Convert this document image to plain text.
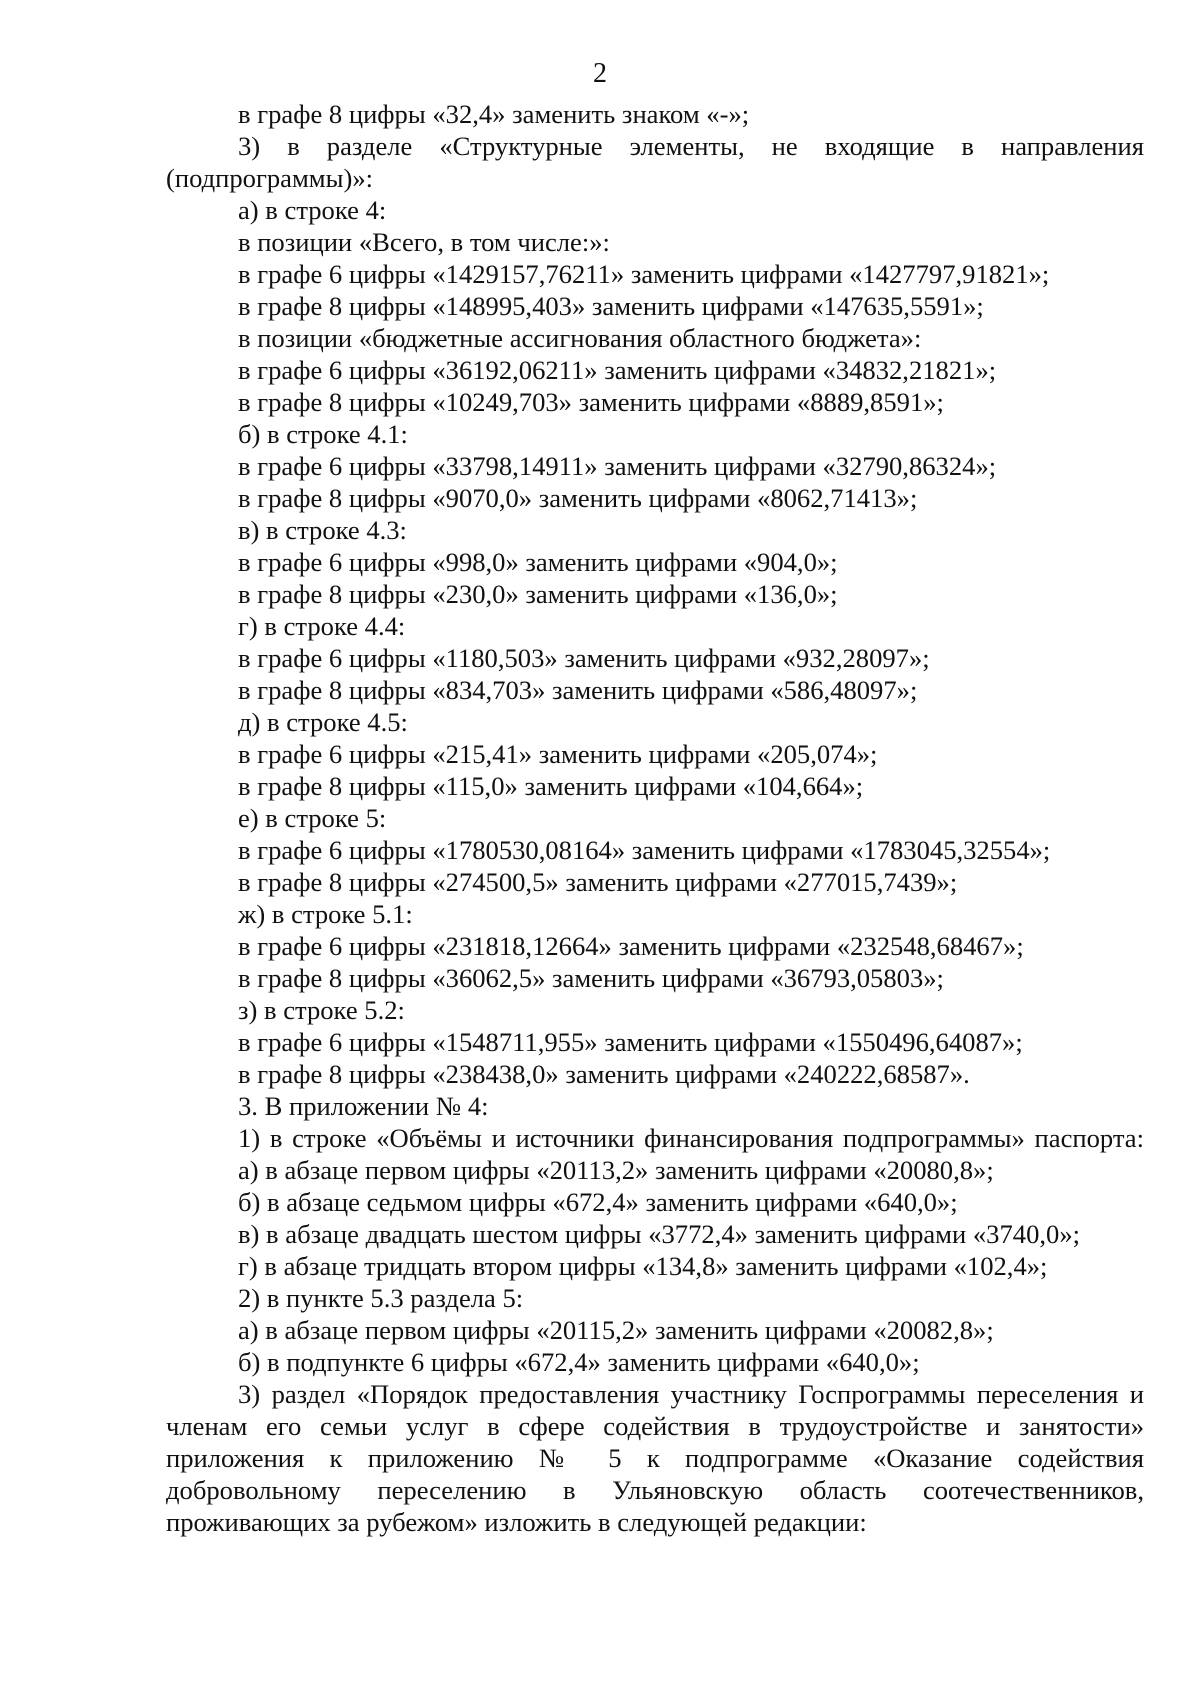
2

в графе 8 цифры «32,4» заменить знаком «-»;

3) в разделе «Структурные элементы, не входящие в направления (подпрограммы)»:

а) в строке 4:

в позиции «Всего, в том числе:»:

в графе 6 цифры «1429157,76211» заменить цифрами «1427797,91821»;

в графе 8 цифры «148995,403» заменить цифрами «147635,5591»;

в позиции «бюджетные ассигнования областного бюджета»:

в графе 6 цифры «36192,06211» заменить цифрами «34832,21821»;

в графе 8 цифры «10249,703» заменить цифрами «8889,8591»;

б) в строке 4.1:

в графе 6 цифры «33798,14911» заменить цифрами «32790,86324»;

в графе 8 цифры «9070,0» заменить цифрами «8062,71413»;

в) в строке 4.3:

в графе 6 цифры «998,0» заменить цифрами «904,0»;

в графе 8 цифры «230,0» заменить цифрами «136,0»;

г) в строке 4.4:

в графе 6 цифры «1180,503» заменить цифрами «932,28097»;

в графе 8 цифры «834,703» заменить цифрами «586,48097»;

д) в строке 4.5:

в графе 6 цифры «215,41» заменить цифрами «205,074»;

в графе 8 цифры «115,0» заменить цифрами «104,664»;

е) в строке 5:

в графе 6 цифры «1780530,08164» заменить цифрами «1783045,32554»;

в графе 8 цифры «274500,5» заменить цифрами «277015,7439»;

ж) в строке 5.1:

в графе 6 цифры «231818,12664» заменить цифрами «232548,68467»;

в графе 8 цифры «36062,5» заменить цифрами «36793,05803»;

з) в строке 5.2:

в графе 6 цифры «1548711,955» заменить цифрами «1550496,64087»;

в графе 8 цифры «238438,0» заменить цифрами «240222,68587».

3. В приложении № 4:

1) в строке «Объёмы и источники финансирования подпрограммы» паспорта:

а) в абзаце первом цифры «20113,2» заменить цифрами «20080,8»;

б) в абзаце седьмом цифры «672,4» заменить цифрами «640,0»;

в) в абзаце двадцать шестом цифры «3772,4» заменить цифрами «3740,0»;

г) в абзаце тридцать втором цифры «134,8» заменить цифрами «102,4»;

2) в пункте 5.3 раздела 5:

а) в абзаце первом цифры «20115,2» заменить цифрами «20082,8»;

б) в подпункте 6 цифры «672,4» заменить цифрами «640,0»;

3) раздел «Порядок предоставления участнику Госпрограммы переселения и членам его семьи услуг в сфере содействия в трудоустройстве и занятости» приложения к приложению № 5 к подпрограмме «Оказание содействия добровольному переселению в Ульяновскую область соотечественников, проживающих за рубежом» изложить в следующей редакции:
